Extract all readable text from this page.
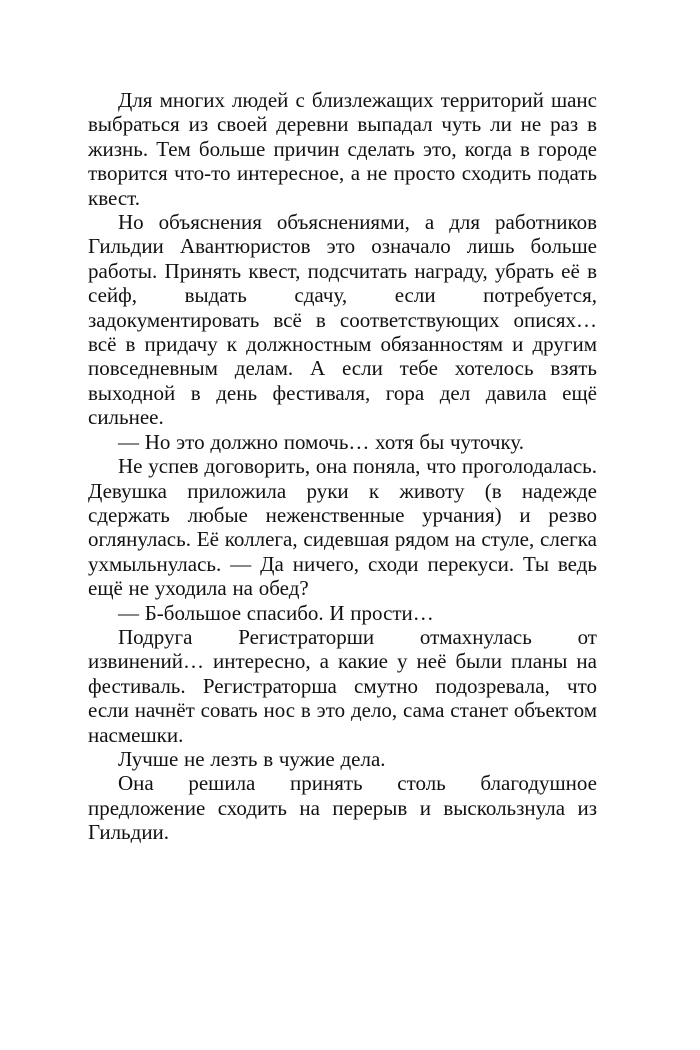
Для многих людей с близлежащих территорий шанс выбраться из своей деревни выпадал чуть ли не раз в жизнь. Тем больше причин сделать это, когда в городе творится что-то интересное, а не просто сходить подать квест.

Но объяснения объяснениями, а для работников Гильдии Авантюристов это означало лишь больше работы. Принять квест, подсчитать награду, убрать её в сейф, выдать сдачу, если потребуется, задокументировать всё в соответствующих описях… всё в придачу к должностным обязанностям и другим повседневным делам. А если тебе хотелось взять выходной в день фестиваля, гора дел давила ещё сильнее.

— Но это должно помочь… хотя бы чуточку.

Не успев договорить, она поняла, что проголодалась. Девушка приложила руки к животу (в надежде сдержать любые неженственные урчания) и резво оглянулась. Её коллега, сидевшая рядом на стуле, слегка ухмыльнулась. — Да ничего, сходи перекуси. Ты ведь ещё не уходила на обед?

— Б-большое спасибо. И прости…

Подруга Регистраторши отмахнулась от извинений… интересно, а какие у неё были планы на фестиваль. Регистраторша смутно подозревала, что если начнёт совать нос в это дело, сама станет объектом насмешки.

Лучше не лезть в чужие дела.

Она решила принять столь благодушное предложение сходить на перерыв и выскользнула из Гильдии.
